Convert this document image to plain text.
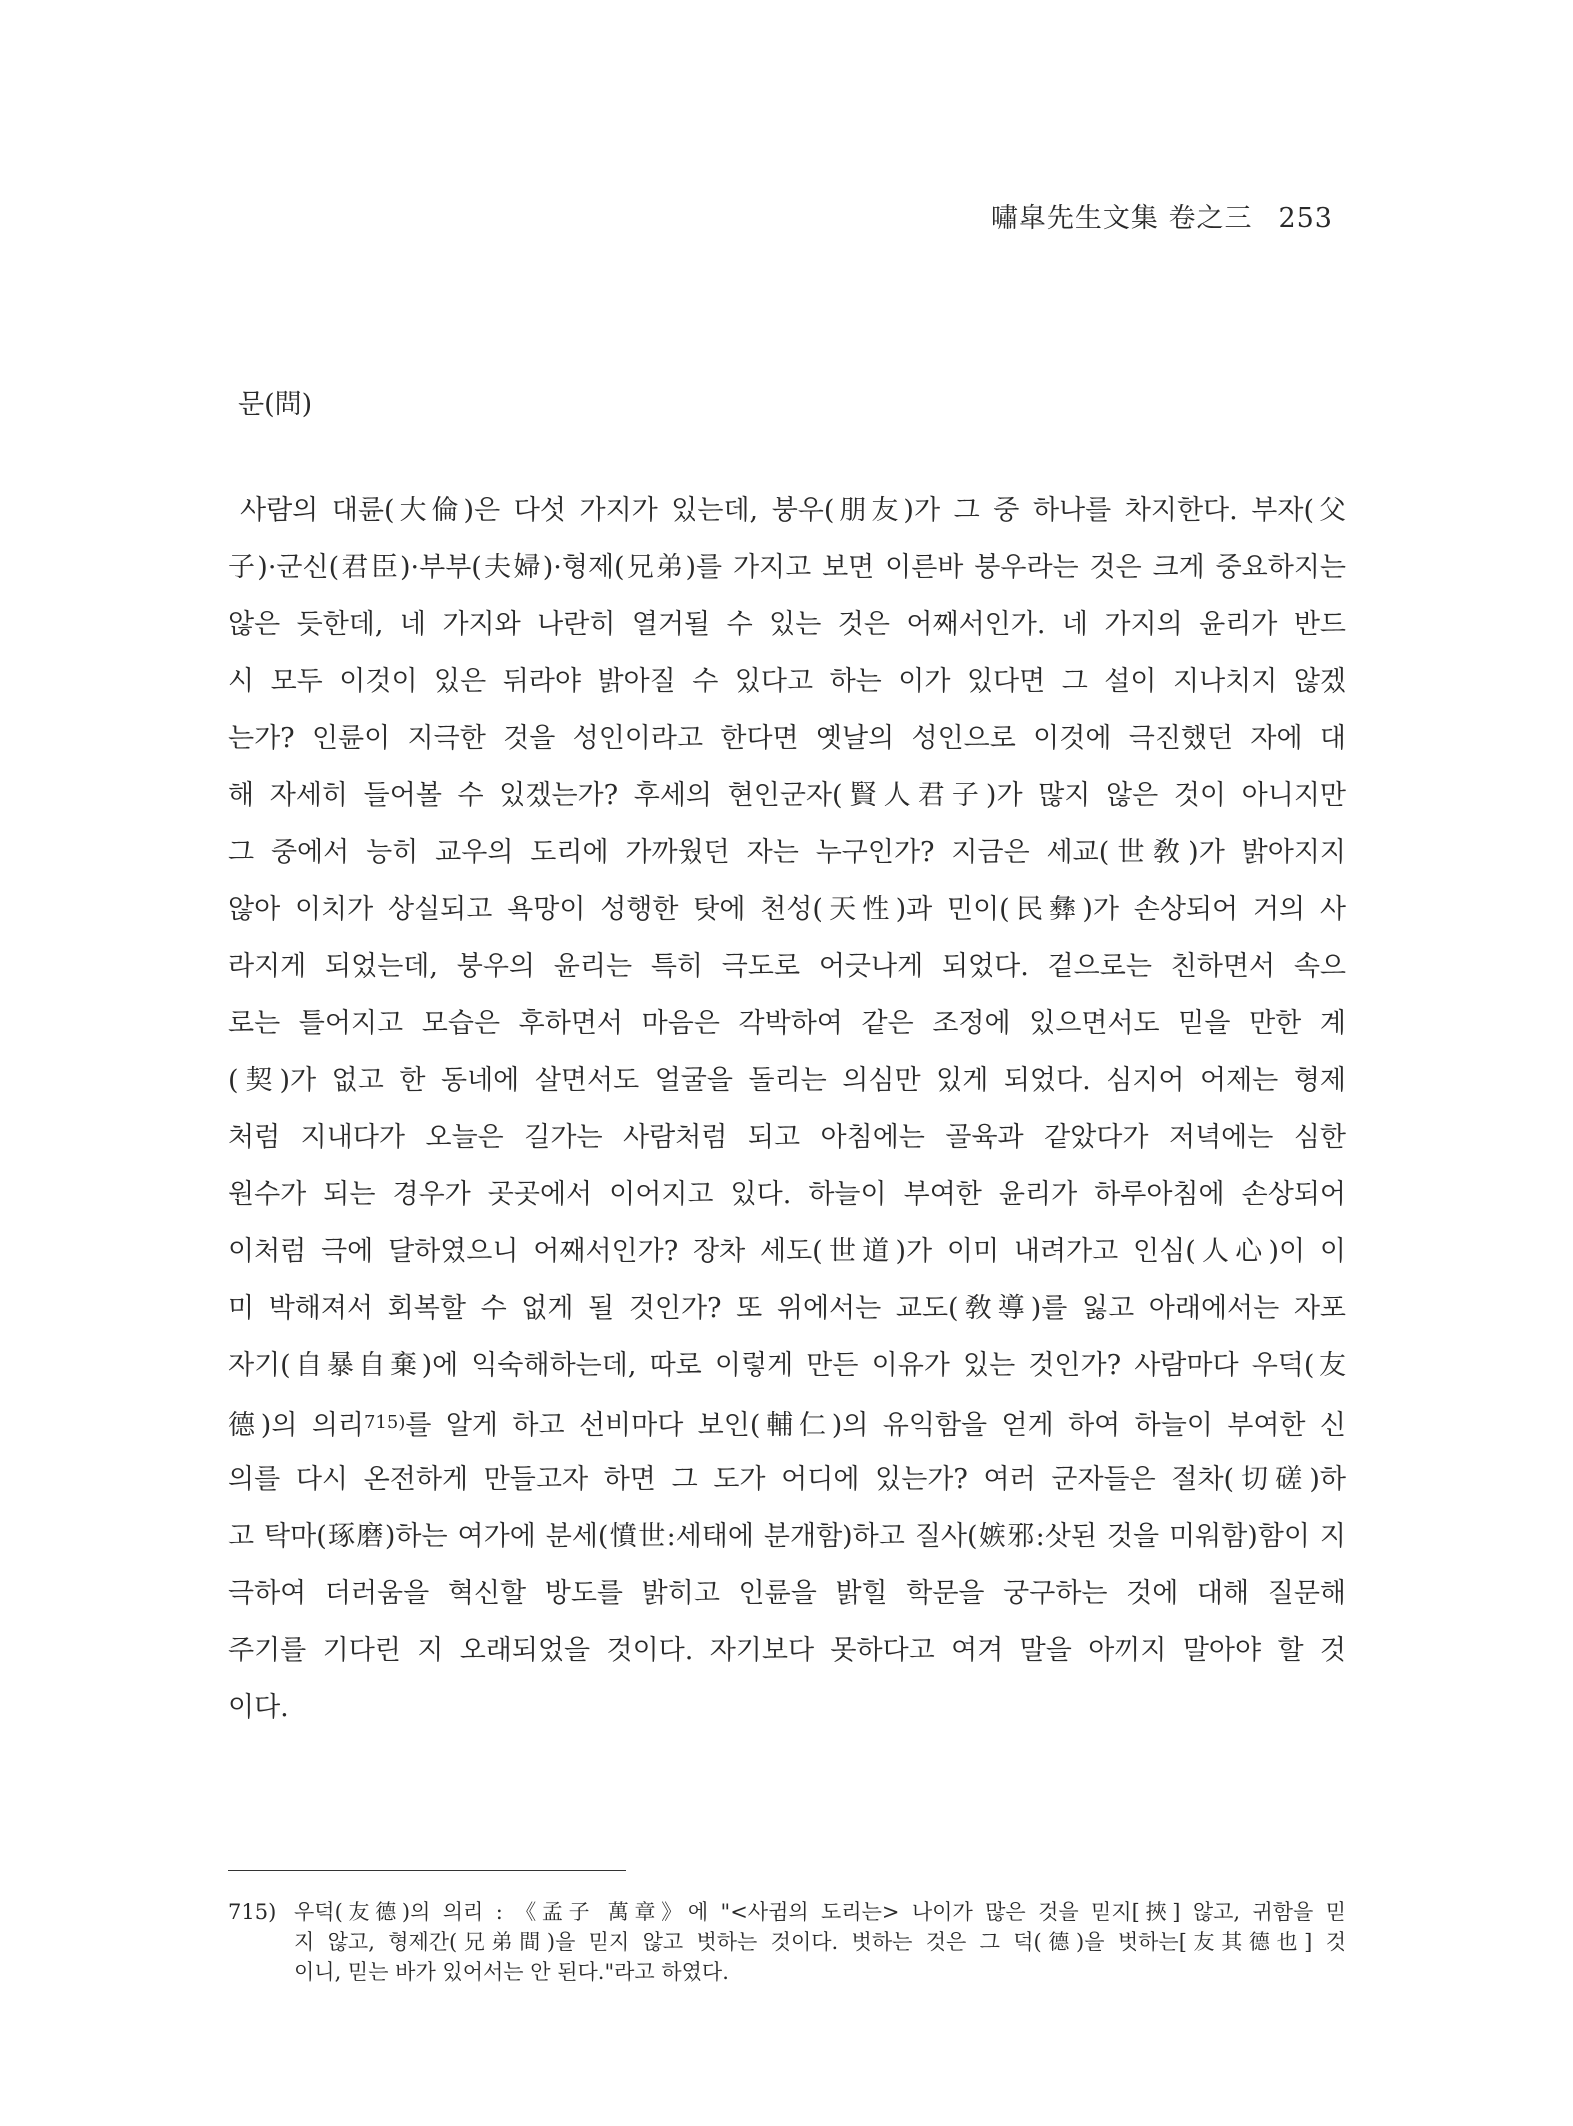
嘯皐先生文集 卷之三 253
문(問)
사람의 대륜(大倫)은 다섯 가지가 있는데, 붕우(朋友)가 그 중 하나를 차지한다. 부자(父
子)·군신(君臣)·부부(夫婦)·형제(兄弟)를 가지고 보면 이른바 붕우라는 것은 크게 중요하지는
않은 듯한데, 네 가지와 나란히 열거될 수 있는 것은 어째서인가. 네 가지의 윤리가 반드
시 모두 이것이 있은 뒤라야 밝아질 수 있다고 하는 이가 있다면 그 설이 지나치지 않겠
는가? 인륜이 지극한 것을 성인이라고 한다면 옛날의 성인으로 이것에 극진했던 자에 대
해 자세히 들어볼 수 있겠는가? 후세의 현인군자(賢人君子)가 많지 않은 것이 아니지만
그 중에서 능히 교우의 도리에 가까웠던 자는 누구인가? 지금은 세교(世敎)가 밝아지지
않아 이치가 상실되고 욕망이 성행한 탓에 천성(天性)과 민이(民彝)가 손상되어 거의 사
라지게 되었는데, 붕우의 윤리는 특히 극도로 어긋나게 되었다. 겉으로는 친하면서 속으
로는 틀어지고 모습은 후하면서 마음은 각박하여 같은 조정에 있으면서도 믿을 만한 계
(契)가 없고 한 동네에 살면서도 얼굴을 돌리는 의심만 있게 되었다. 심지어 어제는 형제
처럼 지내다가 오늘은 길가는 사람처럼 되고 아침에는 골육과 같았다가 저녁에는 심한
원수가 되는 경우가 곳곳에서 이어지고 있다. 하늘이 부여한 윤리가 하루아침에 손상되어
이처럼 극에 달하였으니 어째서인가? 장차 세도(世道)가 이미 내려가고 인심(人心)이 이
미 박해져서 회복할 수 없게 될 것인가? 또 위에서는 교도(敎導)를 잃고 아래에서는 자포
자기(自暴自棄)에 익숙해하는데, 따로 이렇게 만든 이유가 있는 것인가? 사람마다 우덕(友
德)의 의리$^{715)}$를 알게 하고 선비마다 보인(輔仁)의 유익함을 얻게 하여 하늘이 부여한 신
의를 다시 온전하게 만들고자 하면 그 도가 어디에 있는가? 여러 군자들은 절차(切磋)하
고 탁마(琢磨)하는 여가에 분세(憤世:세태에 분개함)하고 질사(嫉邪:삿된 것을 미워함)함이 지
극하여 더러움을 혁신할 방도를 밝히고 인륜을 밝힐 학문을 궁구하는 것에 대해 질문해
주기를 기다린 지 오래되었을 것이다. 자기보다 못하다고 여겨 말을 아끼지 말아야 할 것
이다.
715) 우덕(友德)의 의리 : 《孟子 萬章》에 "<사귐의 도리는> 나이가 많은 것을 믿지[挾] 않고, 귀함을 믿
지 않고, 형제간(兄弟間)을 믿지 않고 벗하는 것이다. 벗하는 것은 그 덕(德)을 벗하는[友其德也] 것
이니, 믿는 바가 있어서는 안 된다."라고 하였다.
